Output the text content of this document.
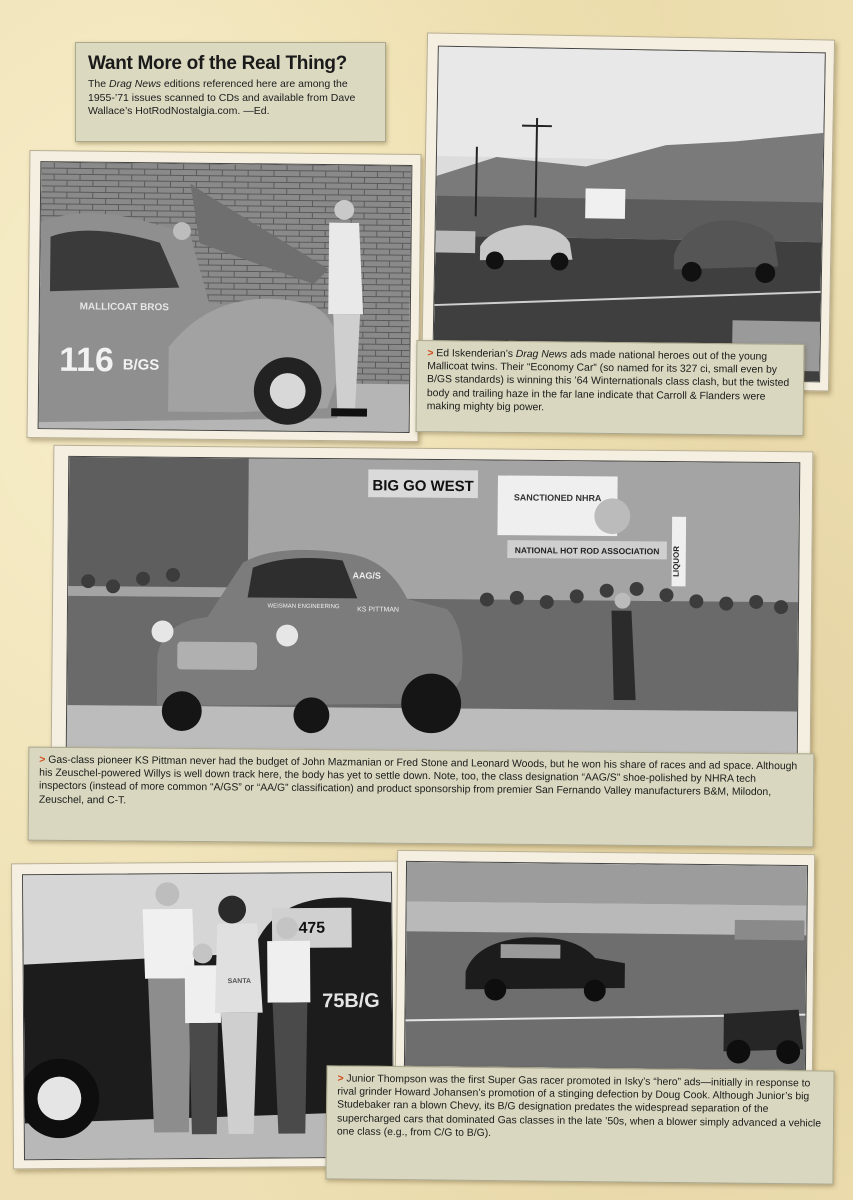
Want More of the Real Thing?

The Drag News editions referenced here are among the 1955-’71 issues scanned to CDs and available from Dave Wallace’s HotRodNostalgia.com. —Ed.

MALLICOAT BROS
116 B/GS
> Ed Iskenderian’s Drag News ads made national heroes out of the young Mallicoat twins. Their “Economy Car” (so named for its 327 ci, small even by B/GS standards) is winning this ’64 Winternationals class clash, but the twisted body and trailing haze in the far lane indicate that Carroll & Flanders were making mighty big power.
BIG GO WEST
SANCTIONED NHRA
NATIONAL HOT ROD ASSOCIATION LIQUOR
AAG/S
KS PITTMAN
WEISMAN ENGINEERING
> Gas-class pioneer KS Pittman never had the budget of John Mazmanian or Fred Stone and Leonard Woods, but he won his share of races and ad space. Although his Zeuschel-powered Willys is well down track here, the body has yet to settle down. Note, too, the class designation “AAG/S” shoe-polished by NHRA tech inspectors (instead of more common “A/GS” or “AA/G” classification) and product sponsorship from premier San Fernando Valley manufacturers B&M, Milodon, Zeuschel, and C-T.
475
75B/G
SANTA
> Junior Thompson was the first Super Gas racer promoted in Isky’s “hero” ads—initially in response to rival grinder Howard Johansen’s promotion of a stinging defection by Doug Cook. Although Junior’s big Studebaker ran a blown Chevy, its B/G designation predates the widespread separation of the supercharged cars that dominated Gas classes in the late ’50s, when a blower simply advanced a vehicle one class (e.g., from C/G to B/G).
